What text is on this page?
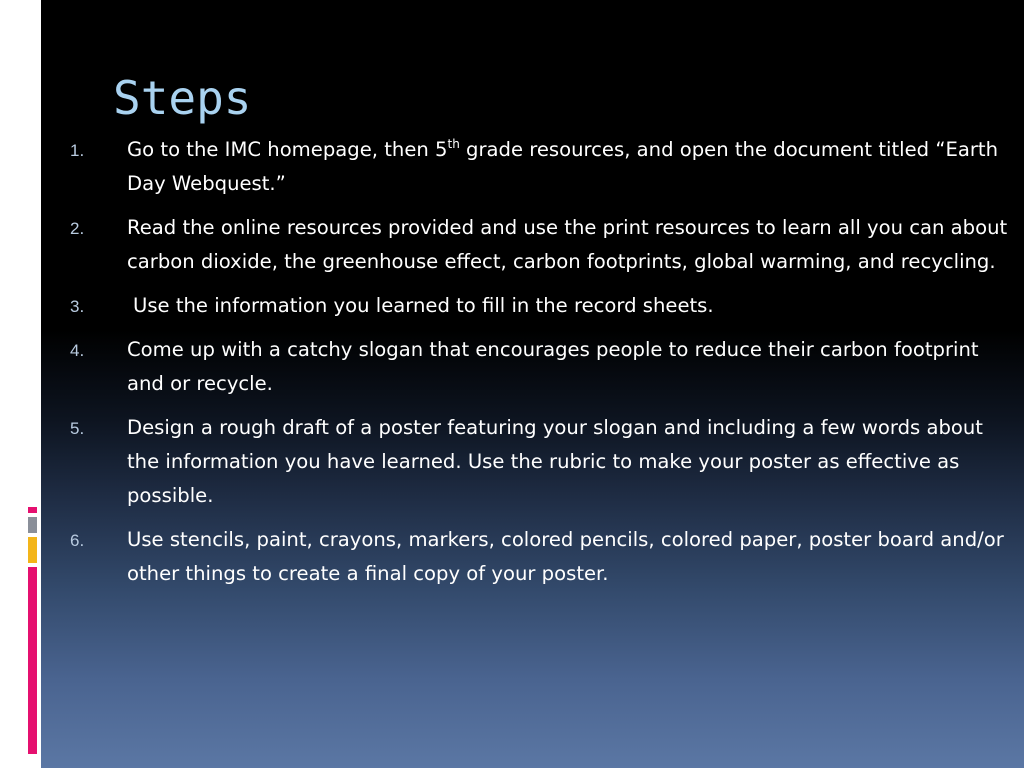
Steps
1. Go to the IMC homepage, then 5th grade resources, and open the document titled “Earth Day Webquest.”
2. Read the online resources provided and use the print resources to learn all you can about carbon dioxide, the greenhouse effect, carbon footprints, global warming, and recycling.
3.	Use the information you learned to fill in the record sheets.
4. Come up with a catchy slogan that encourages people to reduce their carbon footprint and or recycle.
5. Design a rough draft of a poster featuring your slogan and including a few words about the information you have learned. Use the rubric to make your poster as effective as possible.
6. Use stencils, paint, crayons, markers, colored pencils, colored paper, poster board and/or other things to create a final copy of your poster.
